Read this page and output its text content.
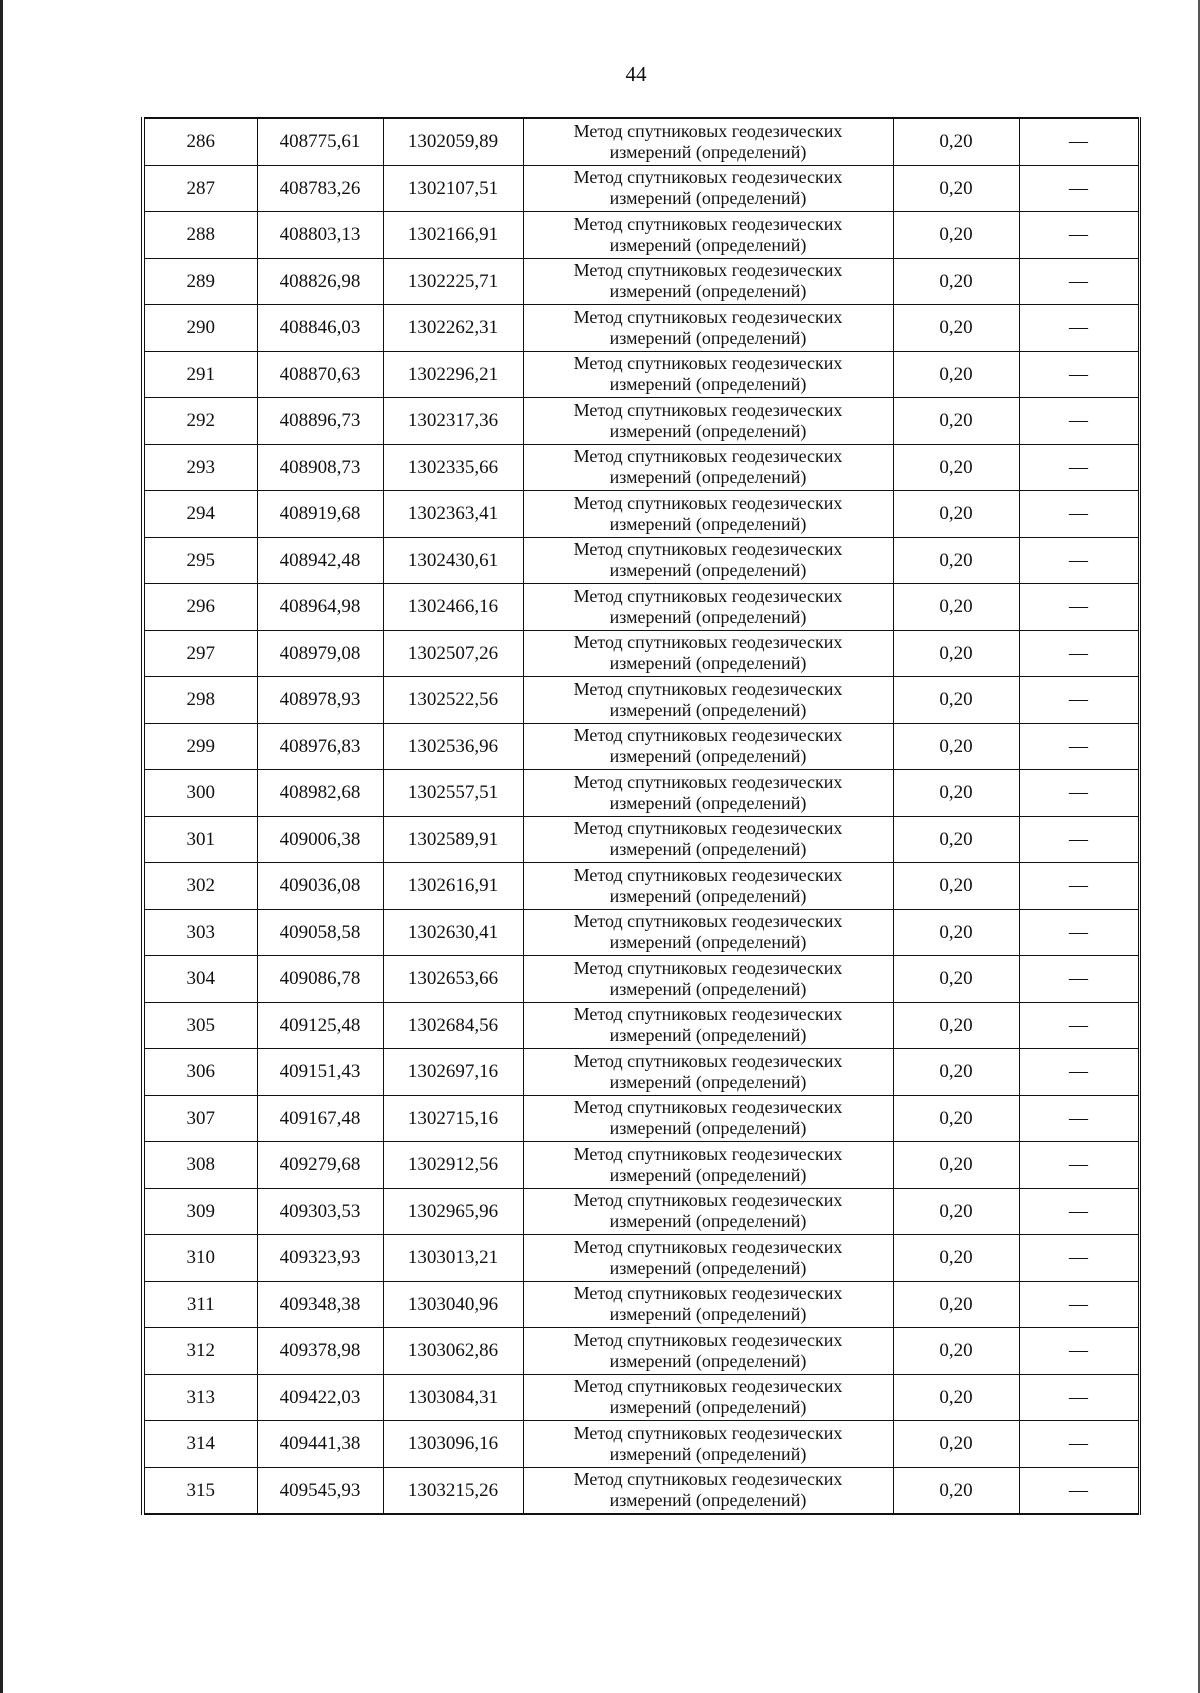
44
286	408775,61	1302059,89	Метод спутниковых геодезических
измерений (определений)	0,20	—
287	408783,26	1302107,51	Метод спутниковых геодезических
измерений (определений)	0,20	—
288	408803,13	1302166,91	Метод спутниковых геодезических
измерений (определений)	0,20	—
289	408826,98	1302225,71	Метод спутниковых геодезических
измерений (определений)	0,20	—
290	408846,03	1302262,31	Метод спутниковых геодезических
измерений (определений)	0,20	—
291	408870,63	1302296,21	Метод спутниковых геодезических
измерений (определений)	0,20	—
292	408896,73	1302317,36	Метод спутниковых геодезических
измерений (определений)	0,20	—
293	408908,73	1302335,66	Метод спутниковых геодезических
измерений (определений)	0,20	—
294	408919,68	1302363,41	Метод спутниковых геодезических
измерений (определений)	0,20	—
295	408942,48	1302430,61	Метод спутниковых геодезических
измерений (определений)	0,20	—
296	408964,98	1302466,16	Метод спутниковых геодезических
измерений (определений)	0,20	—
297	408979,08	1302507,26	Метод спутниковых геодезических
измерений (определений)	0,20	—
298	408978,93	1302522,56	Метод спутниковых геодезических
измерений (определений)	0,20	—
299	408976,83	1302536,96	Метод спутниковых геодезических
измерений (определений)	0,20	—
300	408982,68	1302557,51	Метод спутниковых геодезических
измерений (определений)	0,20	—
301	409006,38	1302589,91	Метод спутниковых геодезических
измерений (определений)	0,20	—
302	409036,08	1302616,91	Метод спутниковых геодезических
измерений (определений)	0,20	—
303	409058,58	1302630,41	Метод спутниковых геодезических
измерений (определений)	0,20	—
304	409086,78	1302653,66	Метод спутниковых геодезических
измерений (определений)	0,20	—
305	409125,48	1302684,56	Метод спутниковых геодезических
измерений (определений)	0,20	—
306	409151,43	1302697,16	Метод спутниковых геодезических
измерений (определений)	0,20	—
307	409167,48	1302715,16	Метод спутниковых геодезических
измерений (определений)	0,20	—
308	409279,68	1302912,56	Метод спутниковых геодезических
измерений (определений)	0,20	—
309	409303,53	1302965,96	Метод спутниковых геодезических
измерений (определений)	0,20	—
310	409323,93	1303013,21	Метод спутниковых геодезических
измерений (определений)	0,20	—
311	409348,38	1303040,96	Метод спутниковых геодезических
измерений (определений)	0,20	—
312	409378,98	1303062,86	Метод спутниковых геодезических
измерений (определений)	0,20	—
313	409422,03	1303084,31	Метод спутниковых геодезических
измерений (определений)	0,20	—
314	409441,38	1303096,16	Метод спутниковых геодезических
измерений (определений)	0,20	—
315	409545,93	1303215,26	Метод спутниковых геодезических
измерений (определений)	0,20	—
